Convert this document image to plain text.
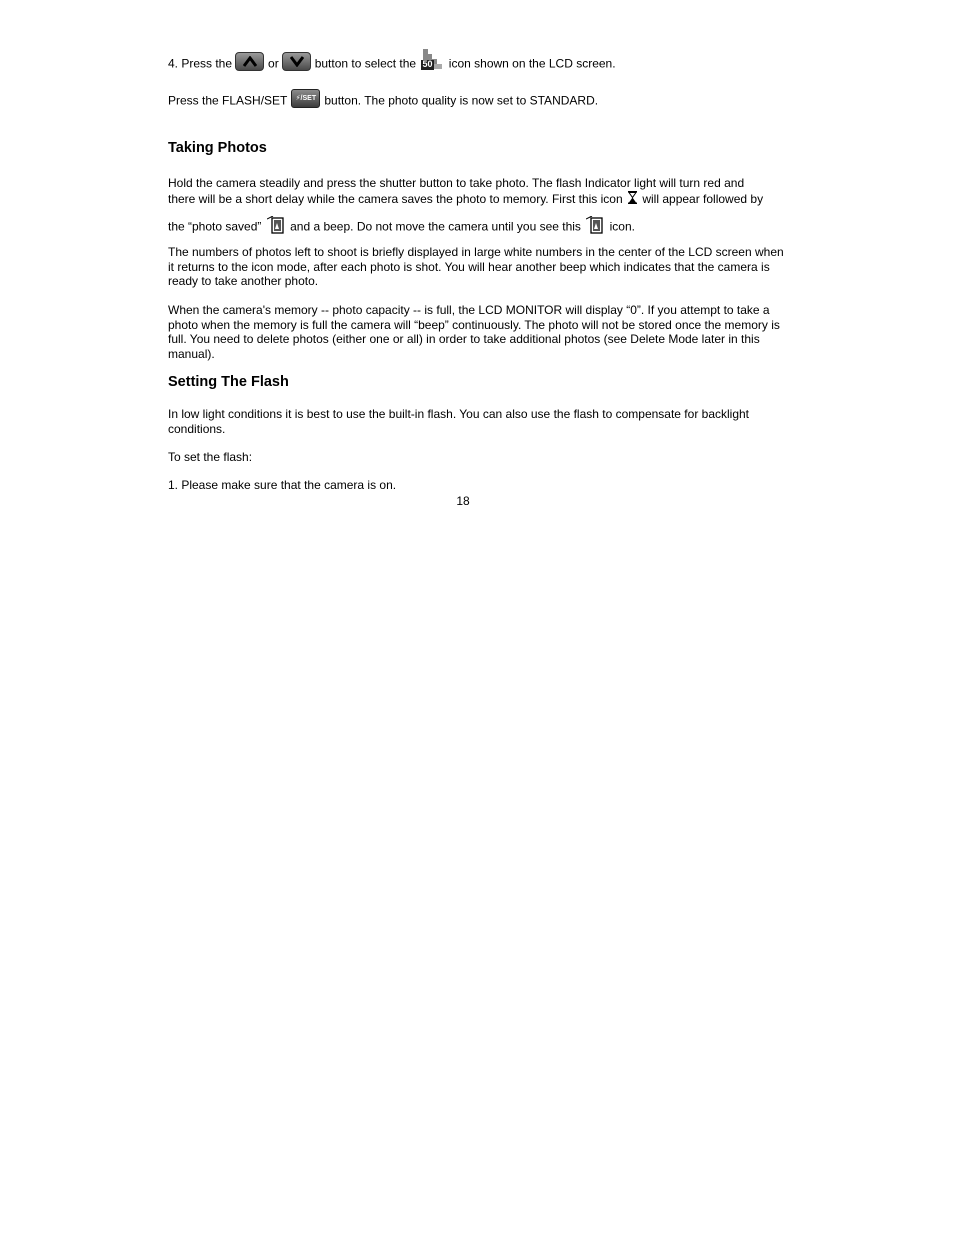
4. Press the	or	button to select the 50 icon shown on the LCD screen.
Press the FLASH/SET ⚡/SET button. The photo quality is now set to STANDARD.
Taking Photos
Hold the camera steadily and press the shutter button to take photo. The flash Indicator light will turn red and
there will be a short delay while the camera saves the photo to memory. First this icon will appear followed by
the “photo saved” and a beep. Do not move the camera until you see this icon.
The numbers of photos left to shoot is briefly displayed in large white numbers in the center of the LCD screen when it returns to the icon mode, after each photo is shot. You will hear another beep which indicates that the camera is ready to take another photo.
When the camera's memory -- photo capacity -- is full, the LCD MONITOR will display “0”. If you attempt to take a photo when the memory is full the camera will “beep” continuously. The photo will not be stored once the memory is full. You need to delete photos (either one or all) in order to take additional photos (see Delete Mode later in this manual).
Setting The Flash
In low light conditions it is best to use the built-in flash. You can also use the flash to compensate for backlight conditions.
To set the flash:
1. Please make sure that the camera is on.
18
